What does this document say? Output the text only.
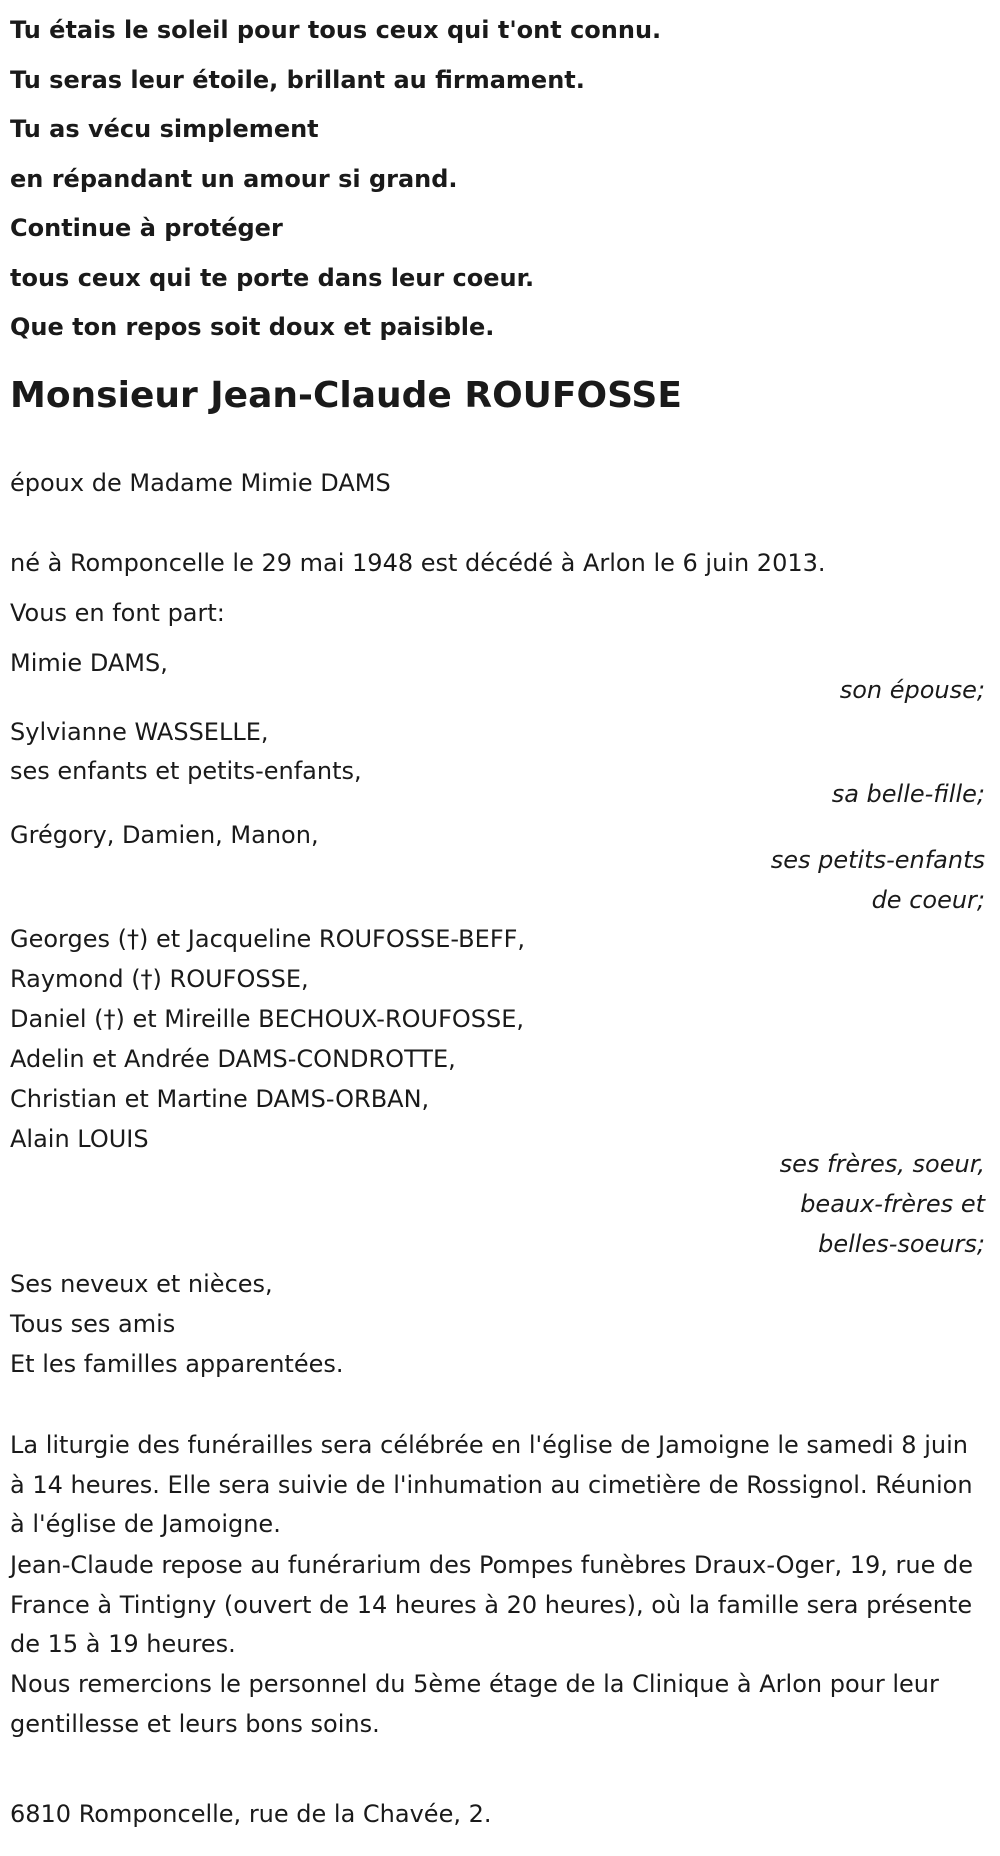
Tu étais le soleil pour tous ceux qui t'ont connu.

Tu seras leur étoile, brillant au firmament.

Tu as vécu simplement

en répandant un amour si grand.

Continue à protéger

tous ceux qui te porte dans leur coeur.

Que ton repos soit doux et paisible.

Monsieur Jean-Claude ROUFOSSE

époux de Madame Mimie DAMS

né à Romponcelle le 29 mai 1948 est décédé à Arlon le 6 juin 2013.

Vous en font part:

Mimie DAMS,

son épouse;

Sylvianne WASSELLE,

ses enfants et petits-enfants,

sa belle-fille;

Grégory, Damien, Manon,

ses petits-enfants

de coeur;

Georges (†) et Jacqueline ROUFOSSE-BEFF,

Raymond (†) ROUFOSSE,

Daniel (†) et Mireille BECHOUX-ROUFOSSE,

Adelin et Andrée DAMS-CONDROTTE,

Christian et Martine DAMS-ORBAN,

Alain LOUIS

ses frères, soeur,

beaux-frères et

belles-soeurs;

Ses neveux et nièces,

Tous ses amis

Et les familles apparentées.

La liturgie des funérailles sera célébrée en l'église de Jamoigne le samedi 8 juin à 14 heures. Elle sera suivie de l'inhumation au cimetière de Rossignol. Réunion à l'église de Jamoigne.

Jean-Claude repose au funérarium des Pompes funèbres Draux-Oger, 19, rue de France à Tintigny (ouvert de 14 heures à 20 heures), où la famille sera présente de 15 à 19 heures.

Nous remercions le personnel du 5ème étage de la Clinique à Arlon pour leur gentillesse et leurs bons soins.

6810 Romponcelle, rue de la Chavée, 2.
